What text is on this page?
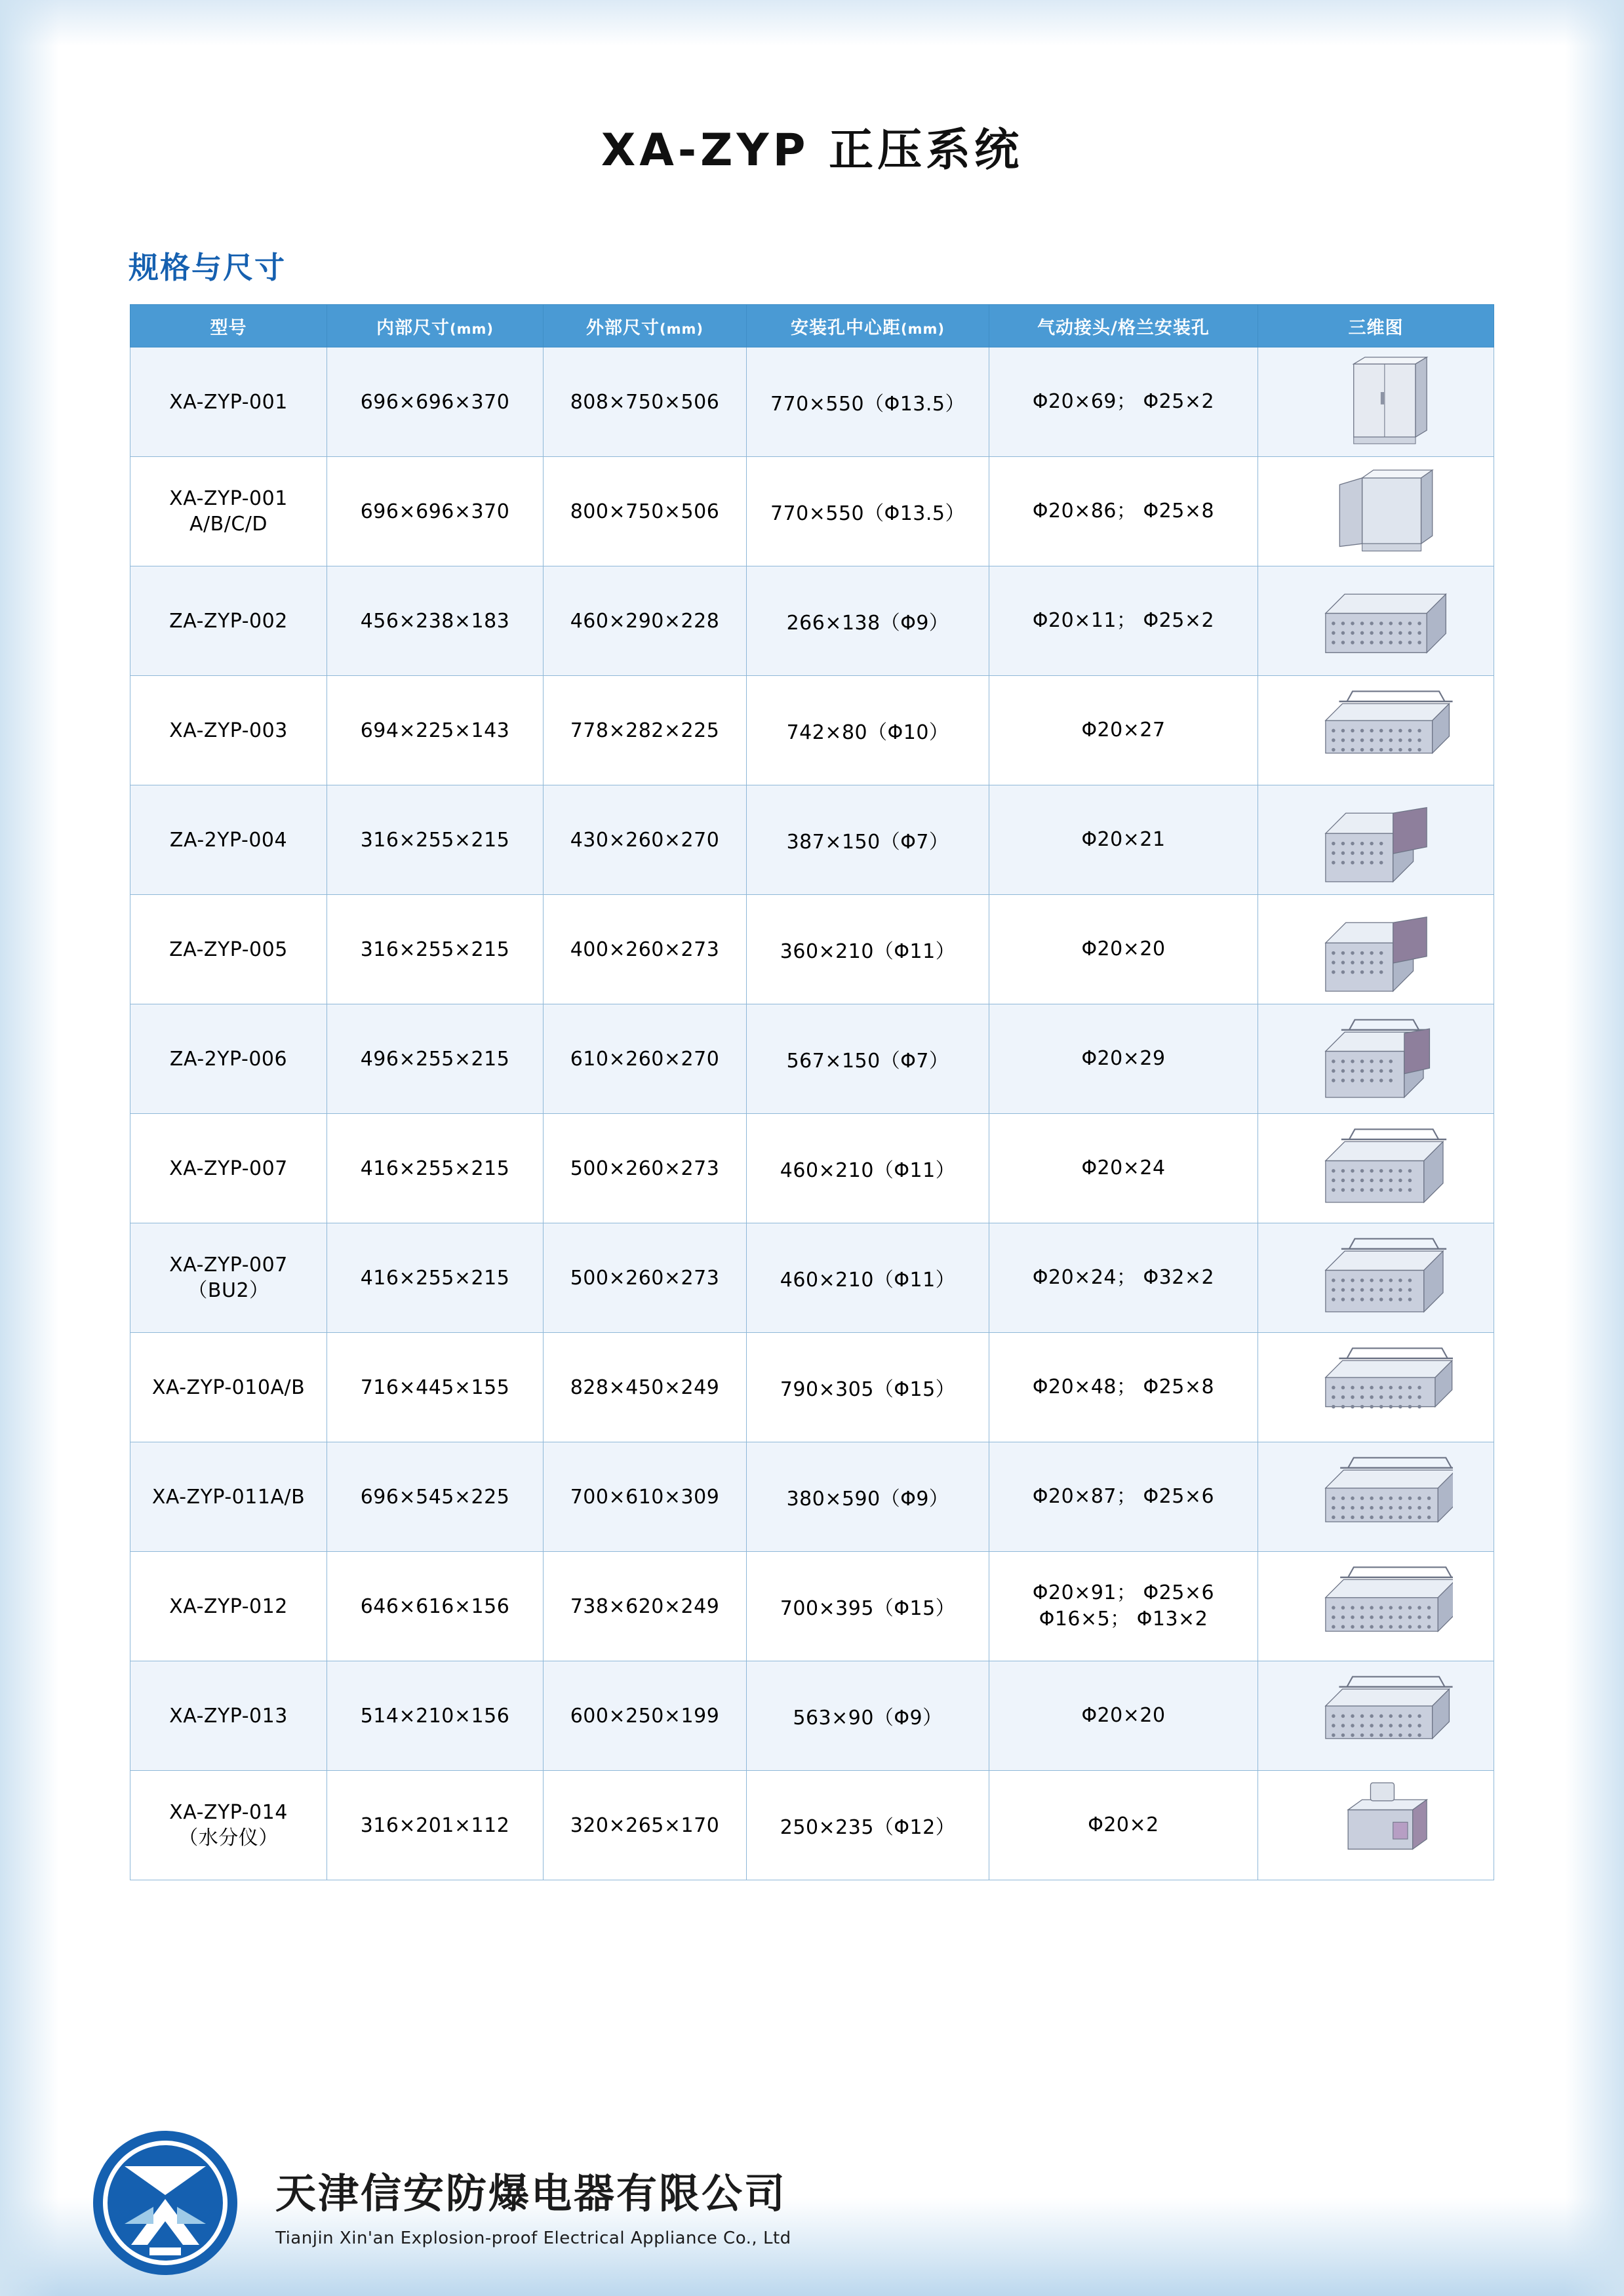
XA-ZYP 正压系统
规格与尺寸
型号	内部尺寸(mm)	外部尺寸(mm)	安装孔中心距(mm)	气动接头/格兰安装孔	三维图
XA-ZYP-001	696×696×370	808×750×506	770×550（Φ13.5）	Φ20×69； Φ25×2	

XA-ZYP-001
A/B/C/D	696×696×370	800×750×506	770×550（Φ13.5）	Φ20×86； Φ25×8	

ZA-ZYP-002	456×238×183	460×290×228	266×138（Φ9）	Φ20×11； Φ25×2	

XA-ZYP-003	694×225×143	778×282×225	742×80（Φ10）	Φ20×27	

ZA-2YP-004	316×255×215	430×260×270	387×150（Φ7）	Φ20×21	

ZA-ZYP-005	316×255×215	400×260×273	360×210（Φ11）	Φ20×20	

ZA-2YP-006	496×255×215	610×260×270	567×150（Φ7）	Φ20×29	

XA-ZYP-007	416×255×215	500×260×273	460×210（Φ11）	Φ20×24	

XA-ZYP-007
（BU2）	416×255×215	500×260×273	460×210（Φ11）	Φ20×24； Φ32×2	

XA-ZYP-010A/B	716×445×155	828×450×249	790×305（Φ15）	Φ20×48； Φ25×8	

XA-ZYP-011A/B	696×545×225	700×610×309	380×590（Φ9）	Φ20×87； Φ25×6	

XA-ZYP-012	646×616×156	738×620×249	700×395（Φ15）	Φ20×91； Φ25×6
Φ16×5； Φ13×2	

XA-ZYP-013	514×210×156	600×250×199	563×90（Φ9）	Φ20×20	

XA-ZYP-014
（水分仪）	316×201×112	320×265×170	250×235（Φ12）	Φ20×2	
天津信安防爆电器有限公司
Tianjin Xin'an Explosion-proof Electrical Appliance Co., Ltd
